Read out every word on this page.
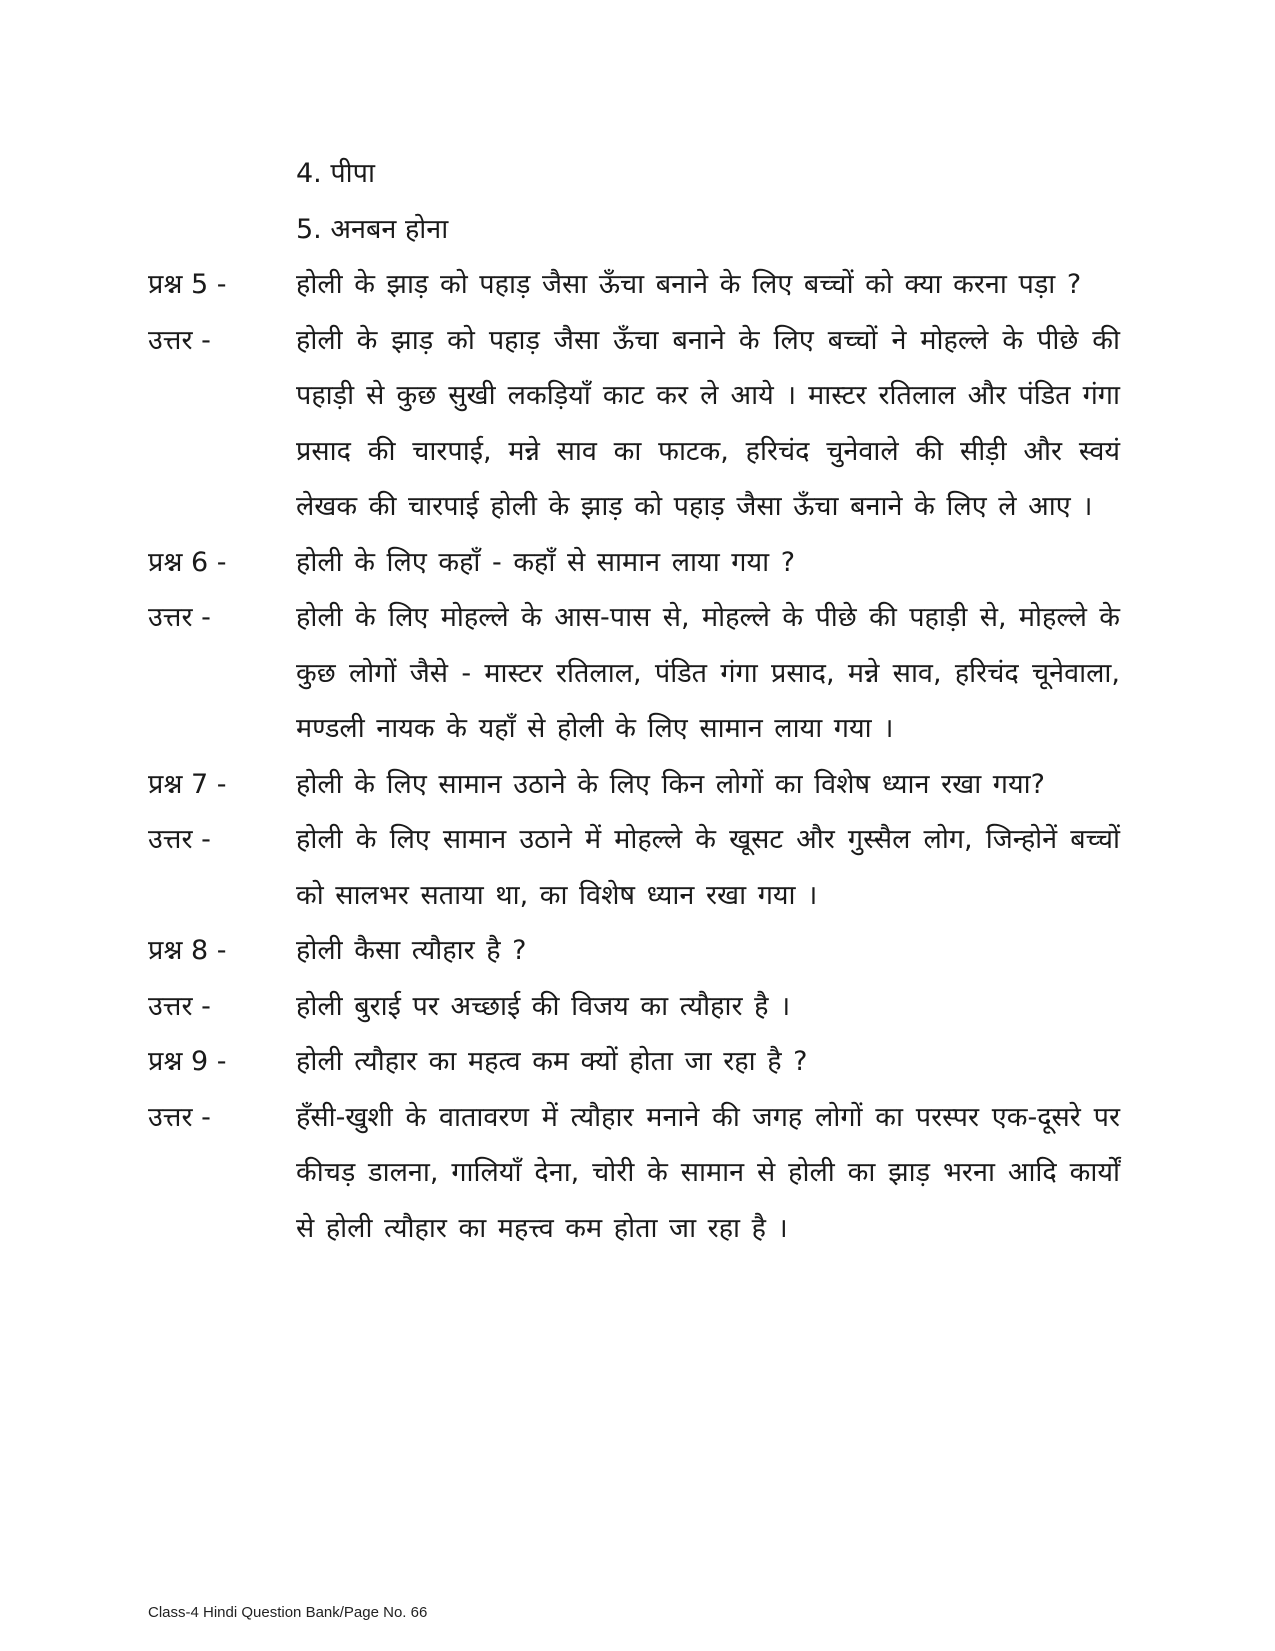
4. पीपा
5. अनबन होना
प्रश्न 5 -	होली के झाड़ को पहाड़ जैसा ऊँचा बनाने के लिए बच्चों को क्या करना पड़ा ?
उत्तर -	होली के झाड़ को पहाड़ जैसा ऊँचा बनाने के लिए बच्चों ने मोहल्ले के पीछे की पहाड़ी से कुछ सुखी लकड़ियाँ काट कर ले आये । मास्टर रतिलाल और पंडित गंगा प्रसाद की चारपाई, मन्ने साव का फाटक, हरिचंद चुनेवाले की सीड़ी और स्वयं लेखक की चारपाई होली के झाड़ को पहाड़ जैसा ऊँचा बनाने के लिए ले आए ।
प्रश्न 6 -	होली के लिए कहाँ - कहाँ से सामान लाया गया ?
उत्तर -	होली के लिए मोहल्ले के आस-पास से, मोहल्ले के पीछे की पहाड़ी से, मोहल्ले के कुछ लोगों जैसे - मास्टर रतिलाल, पंडित गंगा प्रसाद, मन्ने साव, हरिचंद चूनेवाला, मण्डली नायक के यहाँ से होली के लिए सामान लाया गया ।
प्रश्न 7 -	होली के लिए सामान उठाने के लिए किन लोगों का विशेष ध्यान रखा गया?
उत्तर -	होली के लिए सामान उठाने में मोहल्ले के खूसट और गुस्सैल लोग, जिन्होनें बच्चों को सालभर सताया था, का विशेष ध्यान रखा गया ।
प्रश्न 8 -	होली कैसा त्यौहार है ?
उत्तर -	होली बुराई पर अच्छाई की विजय का त्यौहार है ।
प्रश्न 9 -	होली त्यौहार का महत्व कम क्यों होता जा रहा है ?
उत्तर -	हँसी-खुशी के वातावरण में त्यौहार मनाने की जगह लोगों का परस्पर एक-दूसरे पर कीचड़ डालना, गालियाँ देना, चोरी के सामान से होली का झाड़ भरना आदि कार्यों से होली त्यौहार का महत्त्व कम होता जा रहा है ।
Class-4 Hindi Question Bank/Page No. 66
